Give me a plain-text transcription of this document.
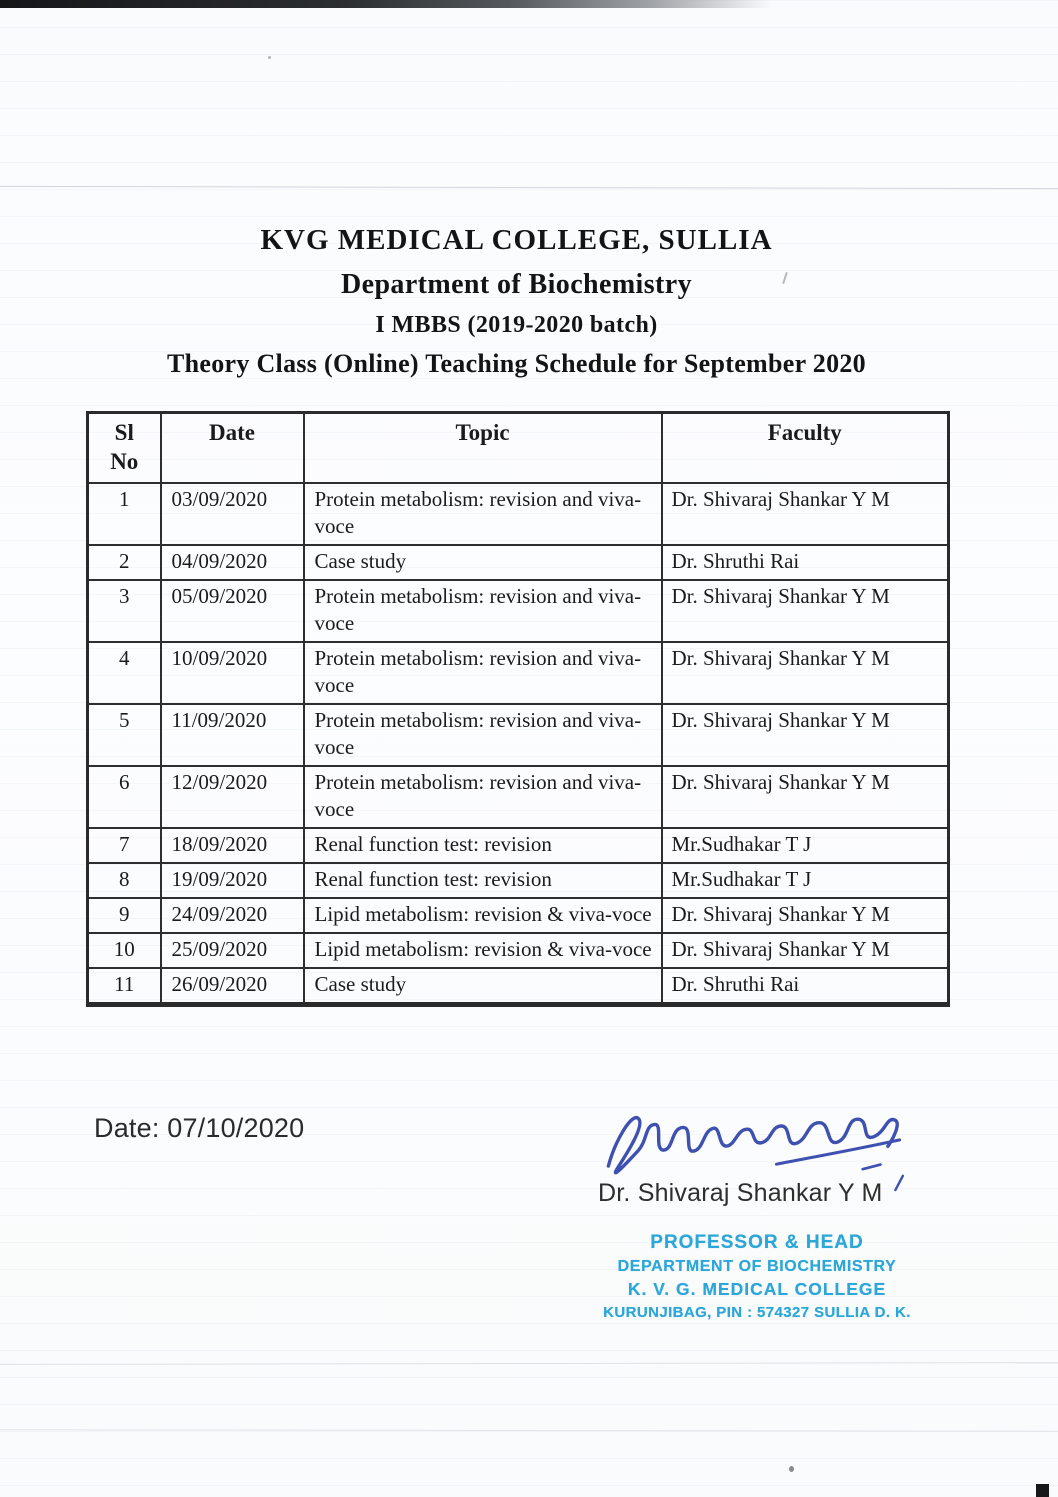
KVG MEDICAL COLLEGE, SULLIA
Department of Biochemistry
I MBBS (2019-2020 batch)
Theory Class (Online) Teaching Schedule for September 2020
Sl No	Date	Topic	Faculty
1	03/09/2020	Protein metabolism: revision and viva-voce	Dr. Shivaraj Shankar Y M
2	04/09/2020	Case study	Dr. Shruthi Rai
3	05/09/2020	Protein metabolism: revision and viva-voce	Dr. Shivaraj Shankar Y M
4	10/09/2020	Protein metabolism: revision and viva-voce	Dr. Shivaraj Shankar Y M
5	11/09/2020	Protein metabolism: revision and viva-voce	Dr. Shivaraj Shankar Y M
6	12/09/2020	Protein metabolism: revision and viva-voce	Dr. Shivaraj Shankar Y M
7	18/09/2020	Renal function test: revision	Mr.Sudhakar T J
8	19/09/2020	Renal function test: revision	Mr.Sudhakar T J
9	24/09/2020	Lipid metabolism: revision & viva-voce	Dr. Shivaraj Shankar Y M
10	25/09/2020	Lipid metabolism: revision & viva-voce	Dr. Shivaraj Shankar Y M
11	26/09/2020	Case study	Dr. Shruthi Rai
Date: 07/10/2020
Dr. Shivaraj Shankar Y M
PROFESSOR & HEAD
DEPARTMENT OF BIOCHEMISTRY
K. V. G. MEDICAL COLLEGE
KURUNJIBAG, PIN : 574327 SULLIA D. K.
